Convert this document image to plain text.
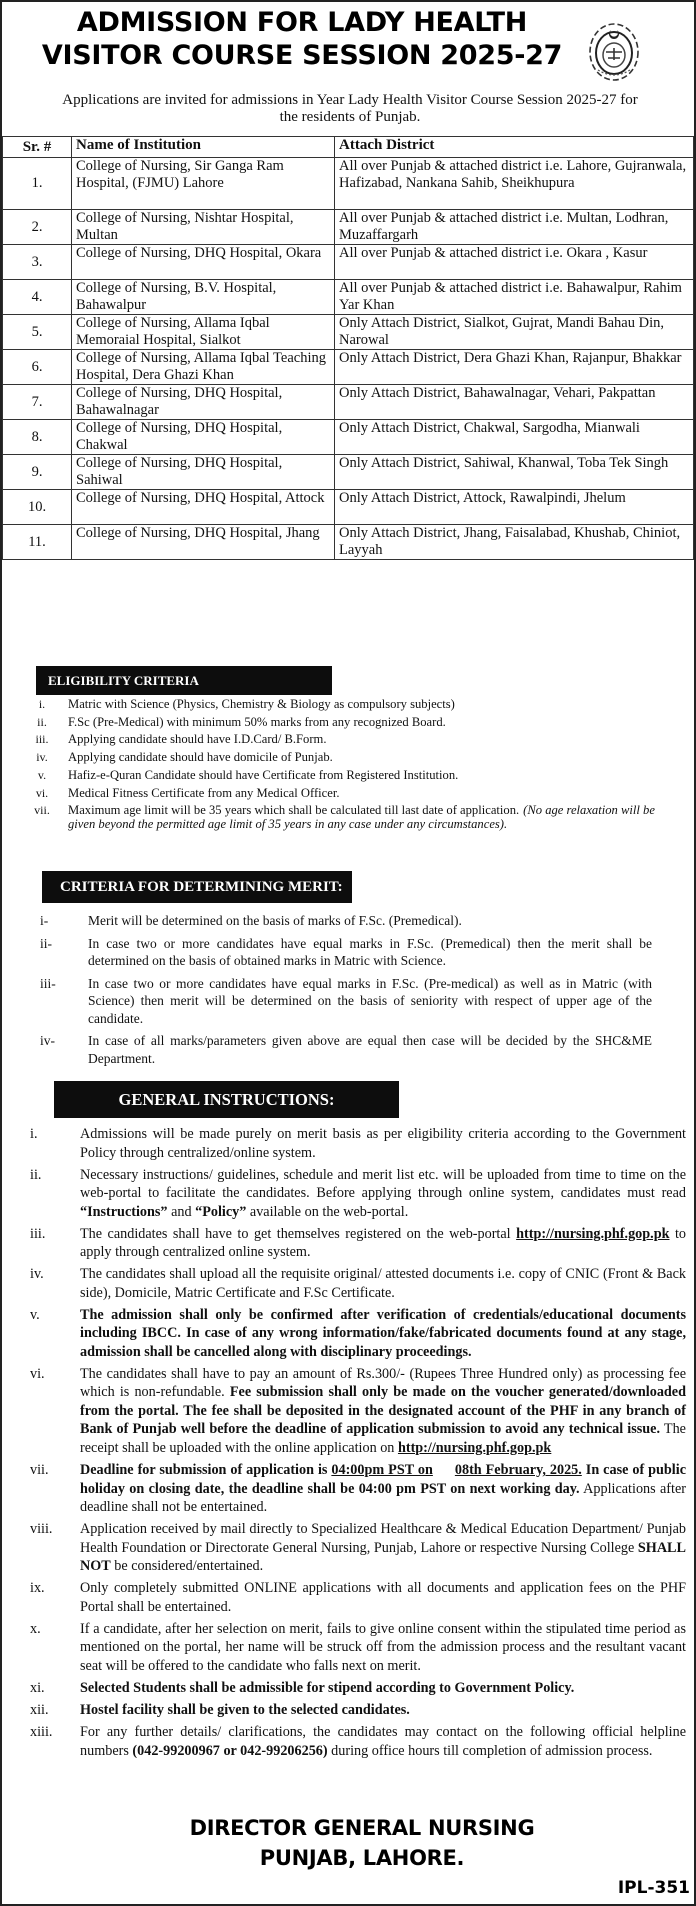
ADMISSION FOR LADY HEALTH
VISITOR COURSE SESSION 2025-27
Applications are invited for admissions in Year Lady Health Visitor Course Session 2025-27 for
the residents of Punjab.
Sr. #	Name of Institution	Attach District
1.	College of Nursing, Sir Ganga Ram Hospital, (FJMU) Lahore	All over Punjab & attached district i.e. Lahore, Gujranwala, Hafizabad, Nankana Sahib, Sheikhupura
2.	College of Nursing, Nishtar Hospital, Multan	All over Punjab & attached district i.e. Multan, Lodhran, Muzaffargarh
3.	College of Nursing, DHQ Hospital, Okara	All over Punjab & attached district i.e. Okara , Kasur
4.	College of Nursing, B.V. Hospital, Bahawalpur	All over Punjab & attached district i.e. Bahawalpur, Rahim Yar Khan
5.	College of Nursing, Allama Iqbal Memoraial Hospital, Sialkot	Only Attach District, Sialkot, Gujrat, Mandi Bahau Din, Narowal
6.	College of Nursing, Allama Iqbal Teaching Hospital, Dera Ghazi Khan	Only Attach District, Dera Ghazi Khan, Rajanpur, Bhakkar
7.	College of Nursing, DHQ Hospital, Bahawalnagar	Only Attach District, Bahawalnagar, Vehari, Pakpattan
8.	College of Nursing, DHQ Hospital, Chakwal	Only Attach District, Chakwal, Sargodha, Mianwali
9.	College of Nursing, DHQ Hospital, Sahiwal	Only Attach District, Sahiwal, Khanwal, Toba Tek Singh
10.	College of Nursing, DHQ Hospital, Attock	Only Attach District, Attock, Rawalpindi, Jhelum
11.	College of Nursing, DHQ Hospital, Jhang	Only Attach District, Jhang, Faisalabad, Khushab, Chiniot, Layyah
ELIGIBILITY CRITERIA
i.	Matric with Science (Physics, Chemistry & Biology as compulsory subjects)
ii.	F.Sc (Pre-Medical) with minimum 50% marks from any recognized Board.
iii.	Applying candidate should have I.D.Card/ B.Form.
iv.	Applying candidate should have domicile of Punjab.
v.	Hafiz-e-Quran Candidate should have Certificate from Registered Institution.
vi.	Medical Fitness Certificate from any Medical Officer.
vii.	Maximum age limit will be 35 years which shall be calculated till last date of application. (No age relaxation will be given beyond the permitted age limit of 35 years in any case under any circumstances).
CRITERIA FOR DETERMINING MERIT:
i-	Merit will be determined on the basis of marks of F.Sc. (Premedical).
ii-	In case two or more candidates have equal marks in F.Sc. (Premedical) then the merit shall be determined on the basis of obtained marks in Matric with Science.
iii- In case two or more candidates have equal marks in F.Sc. (Pre-medical) as well as in Matric (with Science) then merit will be determined on the basis of seniority with respect of upper age of the candidate.
iv- In case of all marks/parameters given above are equal then case will be decided by the SHC&ME Department.
GENERAL INSTRUCTIONS:
i.	Admissions will be made purely on merit basis as per eligibility criteria according to the Government Policy through centralized/online system.
ii.	Necessary instructions/ guidelines, schedule and merit list etc. will be uploaded from time to time on the web-portal to facilitate the candidates. Before applying through online system, candidates must read “Instructions” and “Policy” available on the web-portal.
iii.	The candidates shall have to get themselves registered on the web-portal http://nursing.phf.gop.pk to apply through centralized online system.
iv.	The candidates shall upload all the requisite original/ attested documents i.e. copy of CNIC (Front & Back side), Domicile, Matric Certificate and F.Sc Certificate.
v.	The admission shall only be confirmed after verification of credentials/educational documents including IBCC. In case of any wrong information/fake/fabricated documents found at any stage, admission shall be cancelled along with disciplinary proceedings.
vi.	The candidates shall have to pay an amount of Rs.300/- (Rupees Three Hundred only) as processing fee which is non-refundable. Fee submission shall only be made on the voucher generated/downloaded from the portal. The fee shall be deposited in the designated account of the PHF in any branch of Bank of Punjab well before the deadline of application submission to avoid any technical issue. The receipt shall be uploaded with the online application on http://nursing.phf.gop.pk
vii.	Deadline for submission of application is 04:00pm PST on 08th February, 2025. In case of public holiday on closing date, the deadline shall be 04:00 pm PST on next working day. Applications after deadline shall not be entertained.
viii.	Application received by mail directly to Specialized Healthcare & Medical Education Department/ Punjab Health Foundation or Directorate General Nursing, Punjab, Lahore or respective Nursing College SHALL NOT be considered/entertained.
ix.	Only completely submitted ONLINE applications with all documents and application fees on the PHF Portal shall be entertained.
x.	If a candidate, after her selection on merit, fails to give online consent within the stipulated time period as mentioned on the portal, her name will be struck off from the admission process and the resultant vacant seat will be offered to the candidate who falls next on merit.
xi.	Selected Students shall be admissible for stipend according to Government Policy.
xii.	Hostel facility shall be given to the selected candidates.
xiii.	For any further details/ clarifications, the candidates may contact on the following official helpline numbers (042-99200967 or 042-99206256) during office hours till completion of admission process.
DIRECTOR GENERAL NURSING
PUNJAB, LAHORE.
IPL-351
